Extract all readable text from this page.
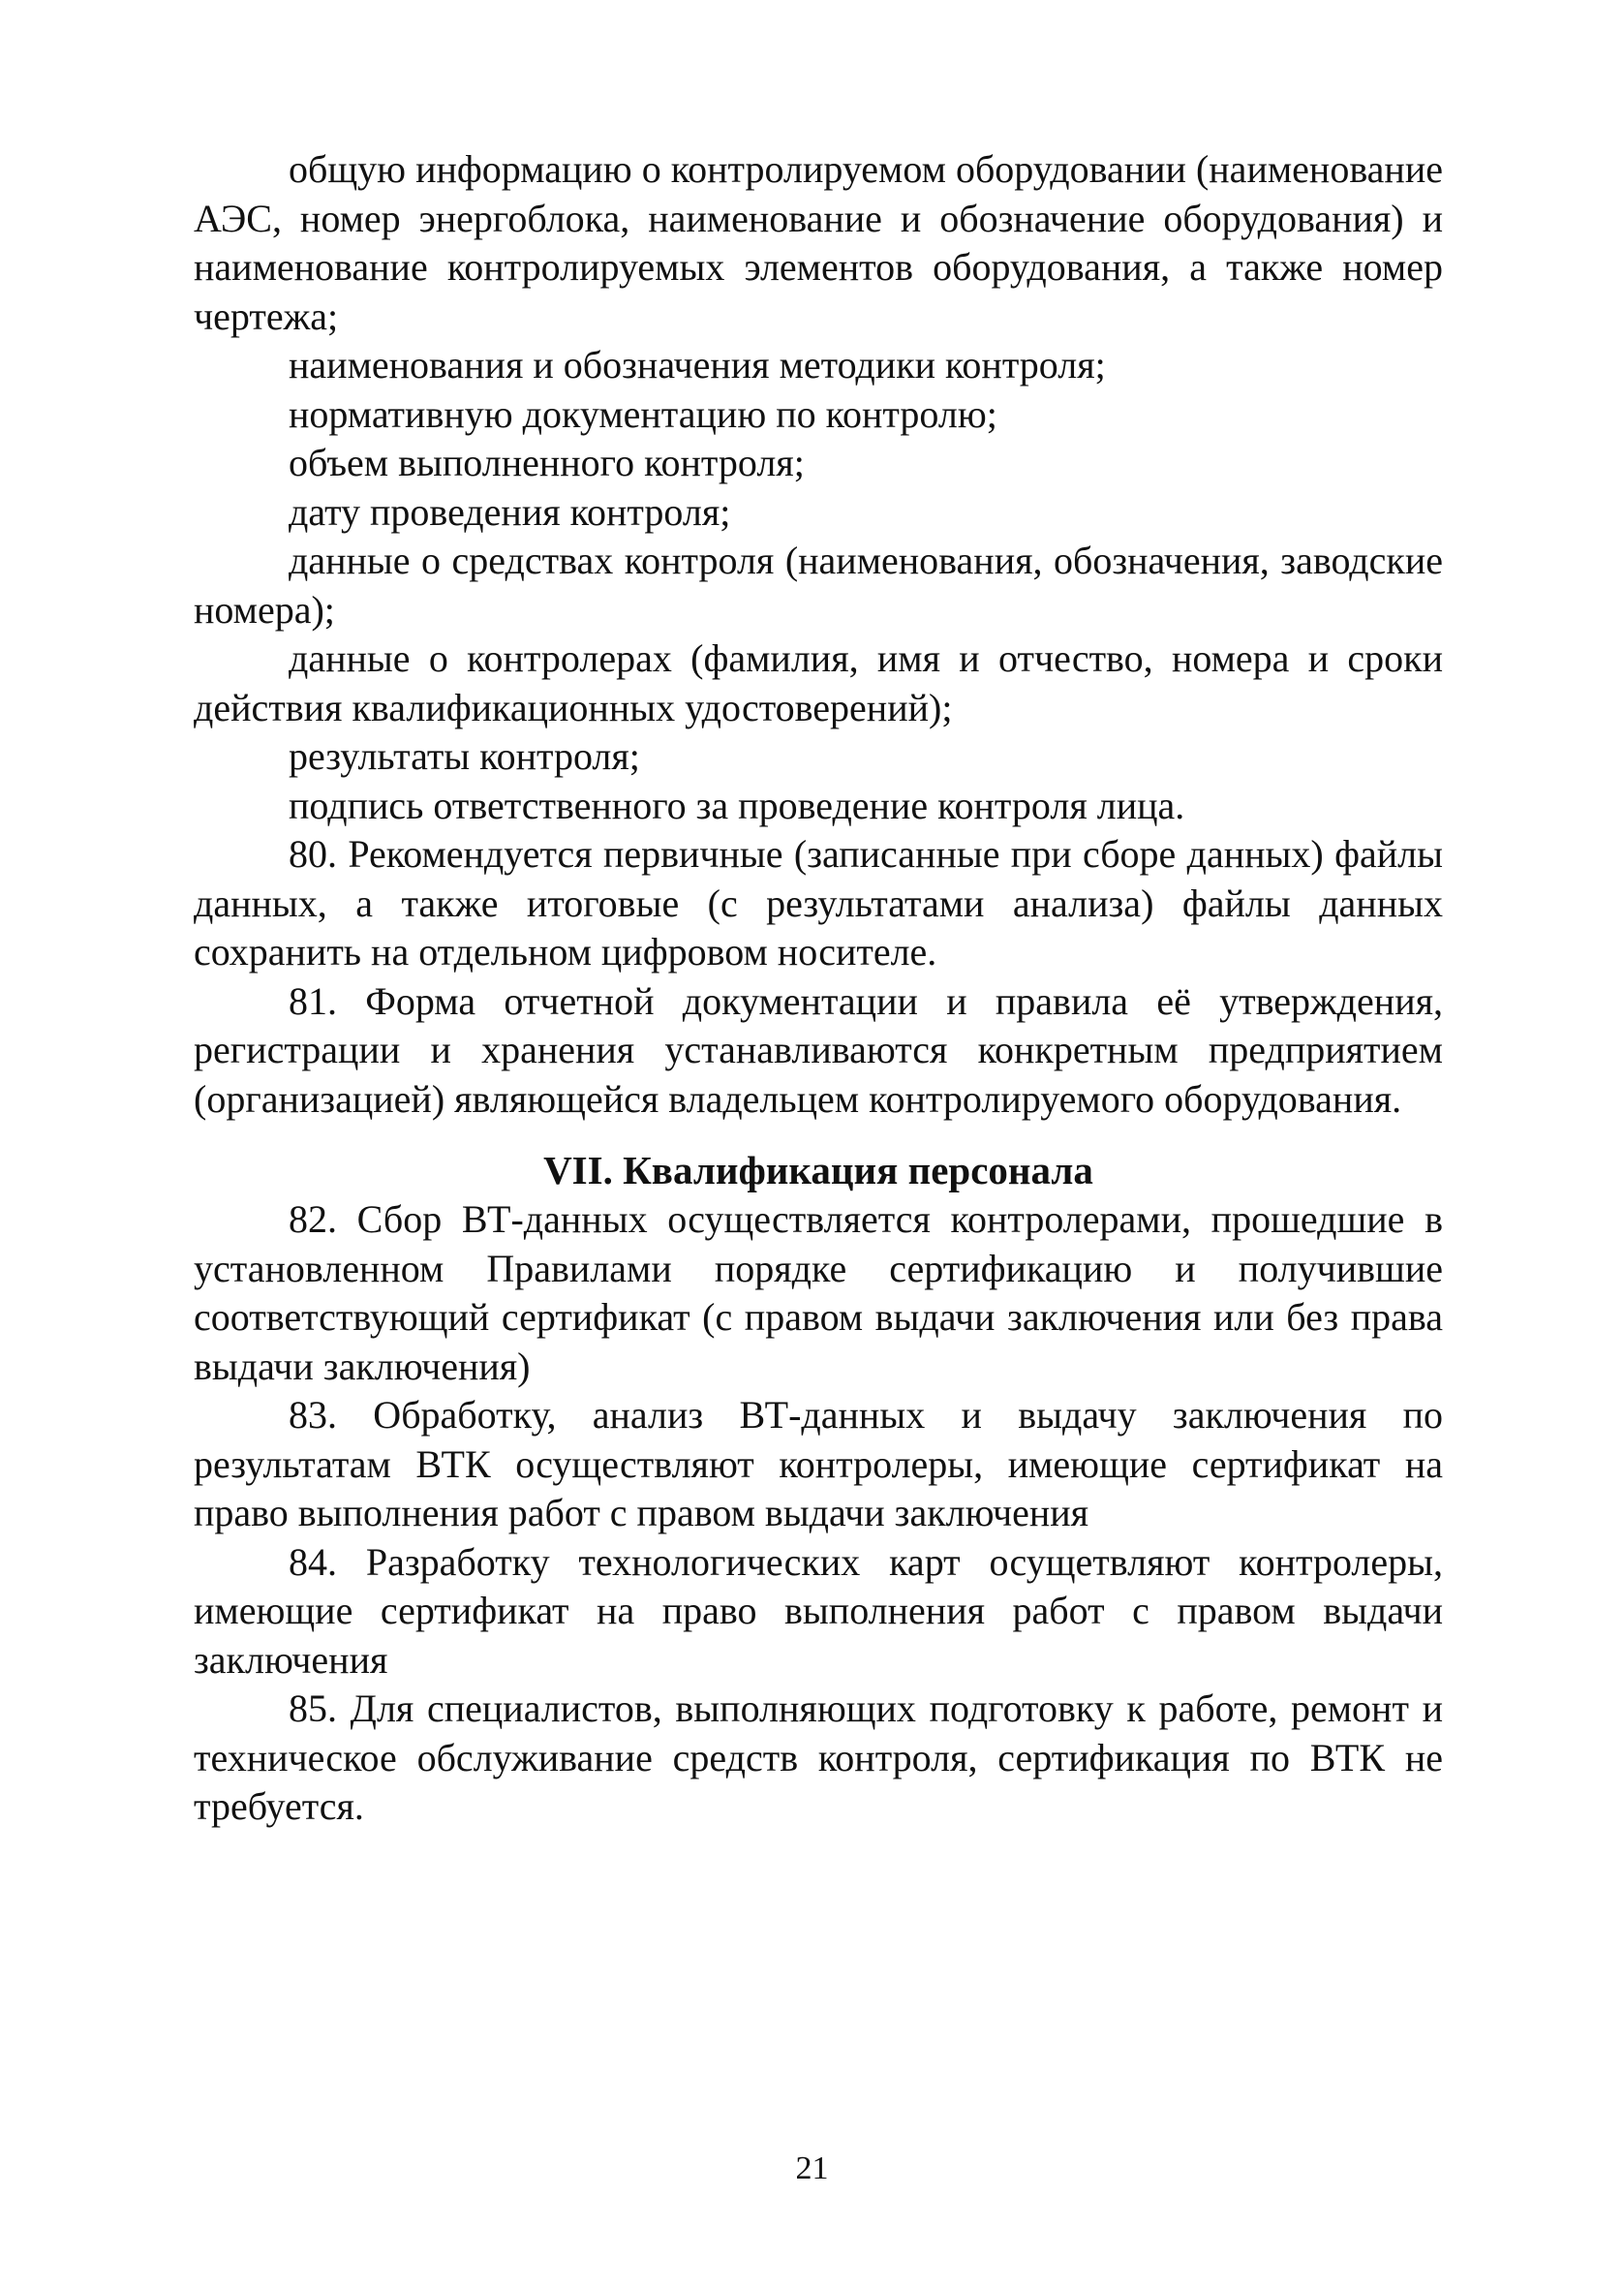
общую информацию о контролируемом оборудовании (наименование АЭС, номер энергоблока, наименование и обозначение оборудования) и наименование контролируемых элементов оборудования, а также номер чертежа;

наименования и обозначения методики контроля;

нормативную документацию по контролю;

объем выполненного контроля;

дату проведения контроля;

данные о средствах контроля (наименования, обозначения, заводские номера);

данные о контролерах (фамилия, имя и отчество, номера и сроки действия квалификационных удостоверений);

результаты контроля;

подпись ответственного за проведение контроля лица.

80. Рекомендуется первичные (записанные при сборе данных) файлы данных, а также итоговые (с результатами анализа) файлы данных сохранить на отдельном цифровом носителе.

81. Форма отчетной документации и правила её утверждения, регистрации и хранения устанавливаются конкретным предприятием (организацией) являющейся владельцем контролируемого оборудования.

VII. Квалификация персонала

82. Сбор ВТ-данных осуществляется контролерами, прошедшие в установленном Правилами порядке сертификацию и получившие соответствующий сертификат (с правом выдачи заключения или без права выдачи заключения)

83. Обработку, анализ ВТ-данных и выдачу заключения по результатам ВТК осуществляют контролеры, имеющие сертификат на право выполнения работ с правом выдачи заключения

84. Разработку технологических карт осущетвляют контролеры, имеющие сертификат на право выполнения работ с правом выдачи заключения

85. Для специалистов, выполняющих подготовку к работе, ремонт и техническое обслуживание средств контроля, сертификация по ВТК не требуется.

21
